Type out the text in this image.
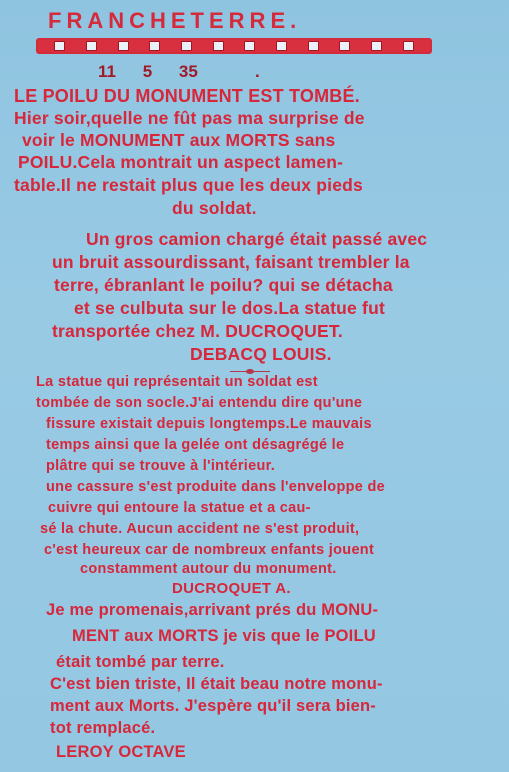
FRANCHETERRE.
11 5 35	.
LE POILU DU MONUMENT EST TOMBÉ.
Hier soir,quelle ne fût pas ma surprise de
voir le MONUMENT aux MORTS sans
POILU.Cela montrait un aspect lamen-
table.Il ne restait plus que les deux pieds
du soldat.
Un gros camion chargé était passé avec
un bruit assourdissant, faisant trembler la
terre, ébranlant le poilu? qui se détacha
et se culbuta sur le dos.La statue fut
transportée chez M. DUCROQUET.
DEBACQ LOUIS.
La statue qui représentait un soldat est
tombée de son socle.J'ai entendu dire qu'une
fissure existait depuis longtemps.Le mauvais
temps ainsi que la gelée ont désagrégé le
plâtre qui se trouve à l'intérieur.
une cassure s'est produite dans l'enveloppe de
cuivre qui entoure la statue et a cau-
sé la chute. Aucun accident ne s'est produit,
c'est heureux car de nombreux enfants jouent
constamment autour du monument.
DUCROQUET A.
Je me promenais,arrivant prés du MONU-
MENT aux MORTS je vis que le POILU
était tombé par terre.
C'est bien triste, Il était beau notre monu-
ment aux Morts. J'espère qu'il sera bien-
tot remplacé.
LEROY OCTAVE
